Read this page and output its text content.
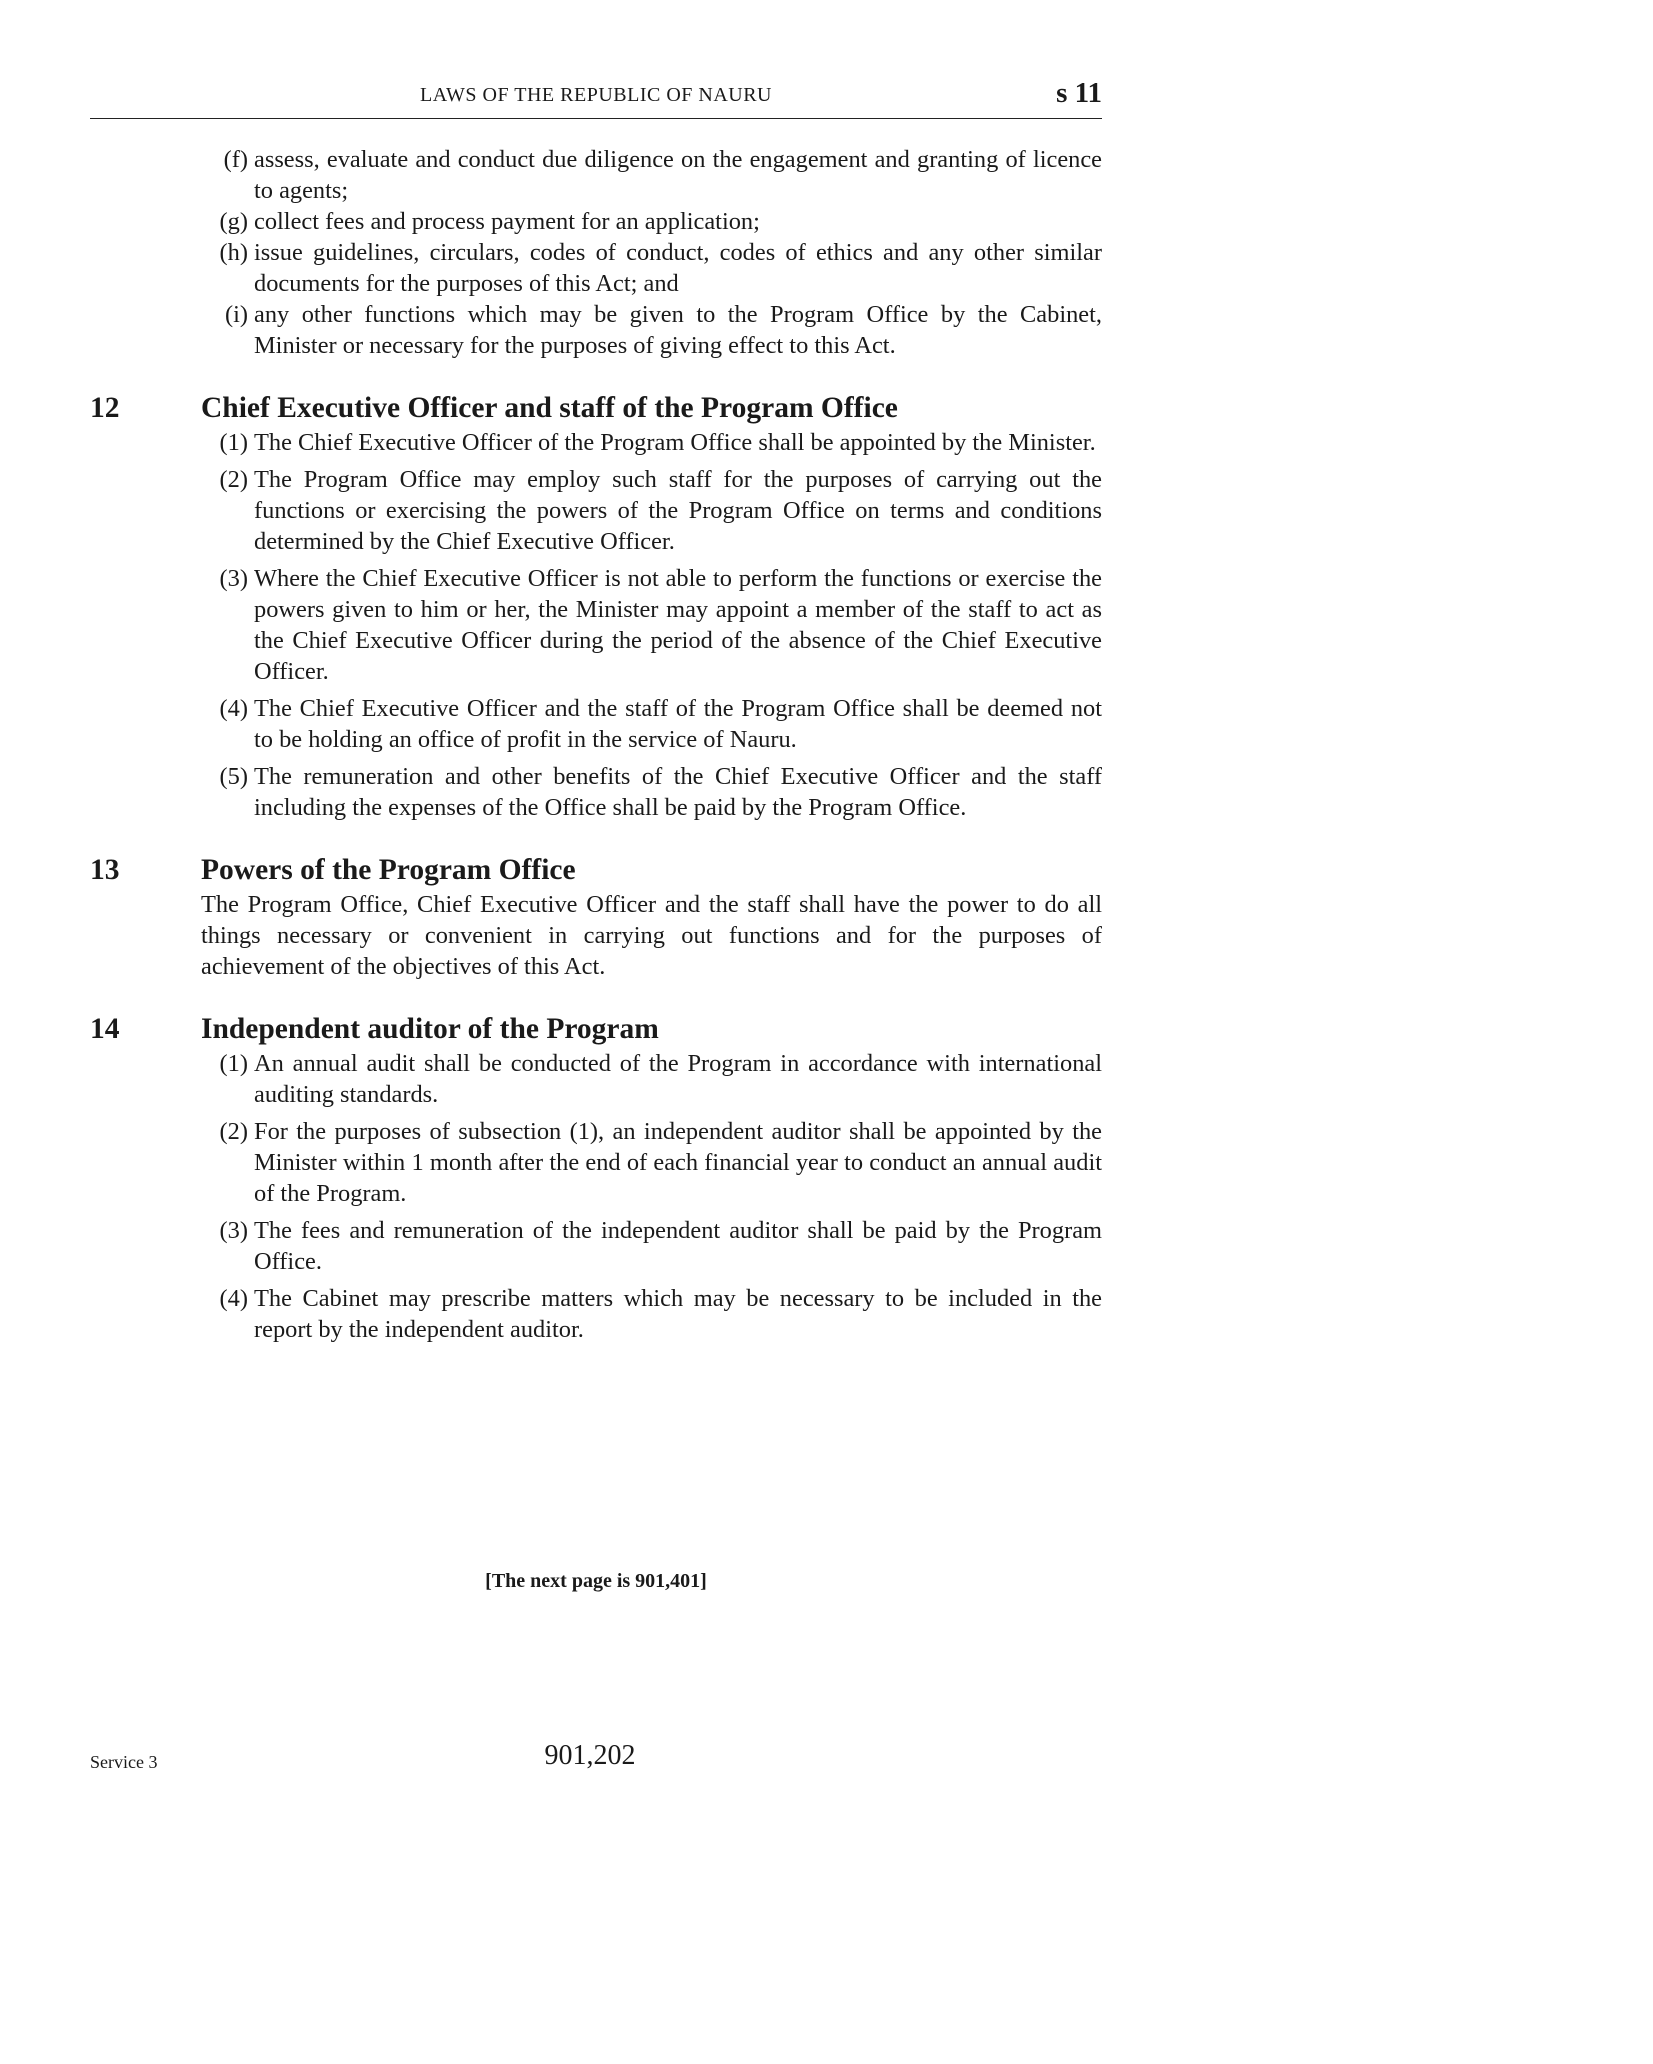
LAWS OF THE REPUBLIC OF NAURU	s 11
(f) assess, evaluate and conduct due diligence on the engagement and granting of licence to agents;
(g) collect fees and process payment for an application;
(h) issue guidelines, circulars, codes of conduct, codes of ethics and any other similar documents for the purposes of this Act; and
(i) any other functions which may be given to the Program Office by the Cabinet, Minister or necessary for the purposes of giving effect to this Act.
12	Chief Executive Officer and staff of the Program Office
(1) The Chief Executive Officer of the Program Office shall be appointed by the Minister.
(2) The Program Office may employ such staff for the purposes of carrying out the functions or exercising the powers of the Program Office on terms and conditions determined by the Chief Executive Officer.
(3) Where the Chief Executive Officer is not able to perform the functions or exercise the powers given to him or her, the Minister may appoint a member of the staff to act as the Chief Executive Officer during the period of the absence of the Chief Executive Officer.
(4) The Chief Executive Officer and the staff of the Program Office shall be deemed not to be holding an office of profit in the service of Nauru.
(5) The remuneration and other benefits of the Chief Executive Officer and the staff including the expenses of the Office shall be paid by the Program Office.
13	Powers of the Program Office
The Program Office, Chief Executive Officer and the staff shall have the power to do all things necessary or convenient in carrying out functions and for the purposes of achievement of the objectives of this Act.
14	Independent auditor of the Program
(1) An annual audit shall be conducted of the Program in accordance with international auditing standards.
(2) For the purposes of subsection (1), an independent auditor shall be appointed by the Minister within 1 month after the end of each financial year to conduct an annual audit of the Program.
(3) The fees and remuneration of the independent auditor shall be paid by the Program Office.
(4) The Cabinet may prescribe matters which may be necessary to be included in the report by the independent auditor.
[The next page is 901,401]
Service 3	901,202
